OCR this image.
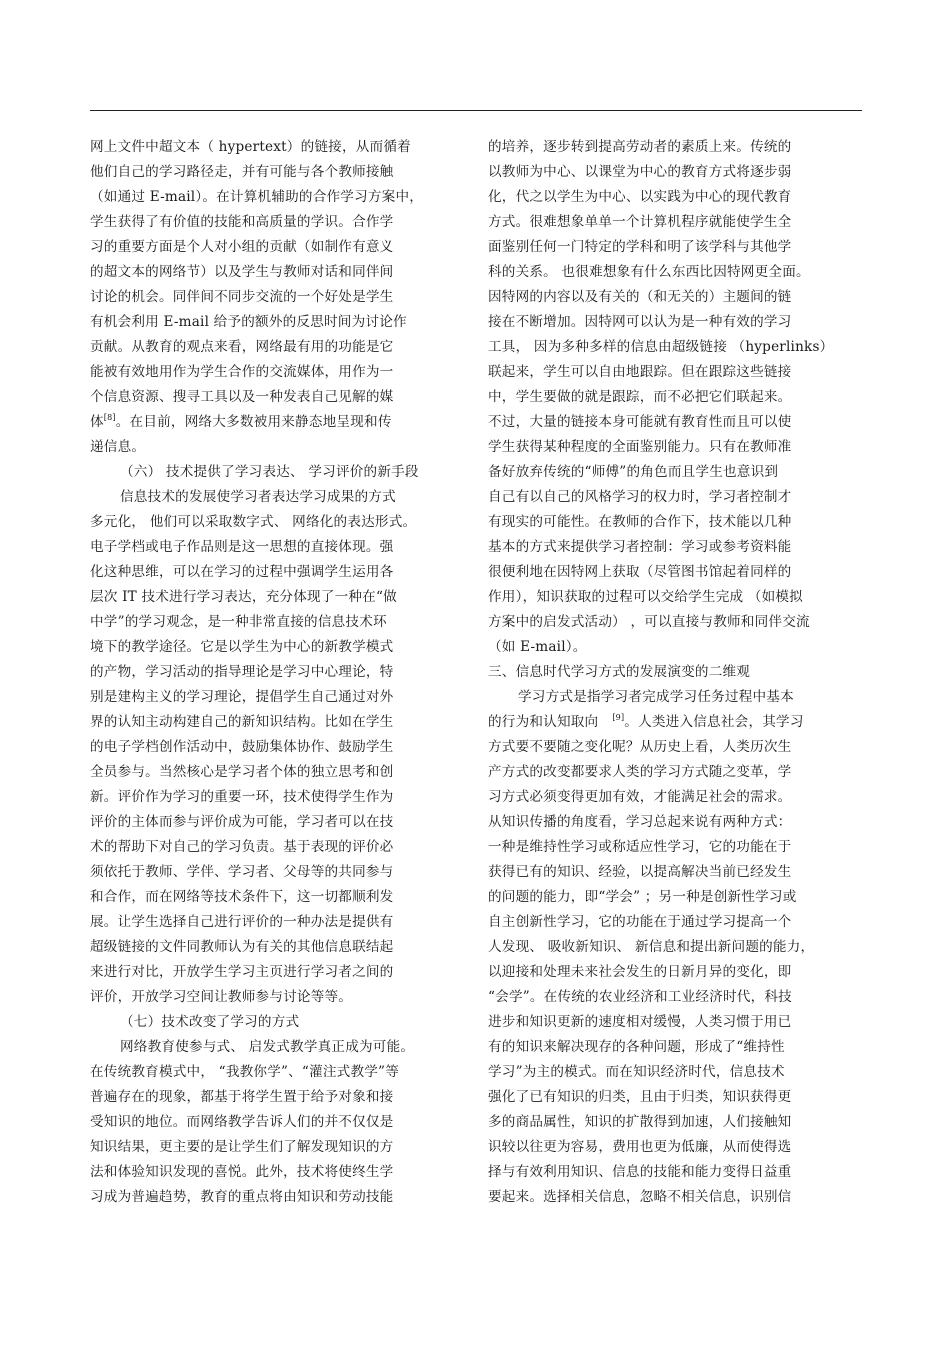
网上文件中超文本（ hypertext）的链接，从而循着
他们自己的学习路径走，并有可能与各个教师接触
（如通过 E-mail）。在计算机辅助的合作学习方案中，
学生获得了有价值的技能和高质量的学识。合作学
习的重要方面是个人对小组的贡献（如制作有意义
的超文本的网络节）以及学生与教师对话和同伴间
讨论的机会。同伴间不同步交流的一个好处是学生
有机会利用 E-mail 给予的额外的反思时间为讨论作
贡献。从教育的观点来看，网络最有用的功能是它
能被有效地用作为学生合作的交流媒体，用作为一
个信息资源、搜寻工具以及一种发表自己见解的媒
体[8]。在目前，网络大多数被用来静态地呈现和传
递信息。
（六） 技术提供了学习表达、 学习评价的新手段
信息技术的发展使学习者表达学习成果的方式
多元化， 他们可以采取数字式、 网络化的表达形式。
电子学档或电子作品则是这一思想的直接体现。强
化这种思维，可以在学习的过程中强调学生运用各
层次 IT 技术进行学习表达，充分体现了一种在“做
中学”的学习观念，是一种非常直接的信息技术环
境下的教学途径。它是以学生为中心的新教学模式
的产物，学习活动的指导理论是学习中心理论，特
别是建构主义的学习理论，提倡学生自己通过对外
界的认知主动构建自己的新知识结构。比如在学生
的电子学档创作活动中，鼓励集体协作、鼓励学生
全员参与。当然核心是学习者个体的独立思考和创
新。评价作为学习的重要一环，技术使得学生作为
评价的主体而参与评价成为可能，学习者可以在技
术的帮助下对自己的学习负责。基于表现的评价必
须依托于教师、学伴、学习者、父母等的共同参与
和合作，而在网络等技术条件下，这一切都顺利发
展。让学生选择自己进行评价的一种办法是提供有
超级链接的文件同教师认为有关的其他信息联结起
来进行对比，开放学生学习主页进行学习者之间的
评价，开放学习空间让教师参与讨论等等。
（七）技术改变了学习的方式
网络教育使参与式、 启发式教学真正成为可能。
在传统教育模式中， “我教你学”、“灌注式教学”等
普遍存在的现象，都基于将学生置于给予对象和接
受知识的地位。而网络教学告诉人们的并不仅仅是
知识结果，更主要的是让学生们了解发现知识的方
法和体验知识发现的喜悦。此外，技术将使终生学
习成为普遍趋势，教育的重点将由知识和劳动技能
的培养，逐步转到提高劳动者的素质上来。传统的
以教师为中心、以课堂为中心的教育方式将逐步弱
化，代之以学生为中心、以实践为中心的现代教育
方式。很难想象单单一个计算机程序就能使学生全
面鉴别任何一门特定的学科和明了该学科与其他学
科的关系。 也很难想象有什么东西比因特网更全面。
因特网的内容以及有关的（和无关的）主题间的链
接在不断增加。因特网可以认为是一种有效的学习
工具， 因为多种多样的信息由超级链接 （hyperlinks）
联起来，学生可以自由地跟踪。但在跟踪这些链接
中，学生要做的就是跟踪，而不必把它们联起来。
不过，大量的链接本身可能就有教育性而且可以使
学生获得某种程度的全面鉴别能力。只有在教师准
备好放弃传统的“师傅”的角色而且学生也意识到
自己有以自己的风格学习的权力时，学习者控制才
有现实的可能性。在教师的合作下，技术能以几种
基本的方式来提供学习者控制：学习或参考资料能
很便利地在因特网上获取（尽管图书馆起着同样的
作用），知识获取的过程可以交给学生完成 （如模拟
方案中的启发式活动） ，可以直接与教师和同伴交流
（如 E-mail）。
三、信息时代学习方式的发展演变的二维观
学习方式是指学习者完成学习任务过程中基本
的行为和认知取向 [9]。人类进入信息社会，其学习
方式要不要随之变化呢？从历史上看，人类历次生
产方式的改变都要求人类的学习方式随之变革，学
习方式必须变得更加有效，才能满足社会的需求。
从知识传播的角度看，学习总起来说有两种方式：
一种是维持性学习或称适应性学习，它的功能在于
获得已有的知识、经验，以提高解决当前已经发生
的问题的能力，即“学会” ；另一种是创新性学习或
自主创新性学习，它的功能在于通过学习提高一个
人发现、 吸收新知识、 新信息和提出新问题的能力，
以迎接和处理未来社会发生的日新月异的变化，即
“会学”。在传统的农业经济和工业经济时代，科技
进步和知识更新的速度相对缓慢，人类习惯于用已
有的知识来解决现存的各种问题，形成了“维持性
学习”为主的模式。而在知识经济时代，信息技术
强化了已有知识的归类，且由于归类，知识获得更
多的商品属性，知识的扩散得到加速，人们接触知
识较以往更为容易，费用也更为低廉，从而使得选
择与有效利用知识、信息的技能和能力变得日益重
要起来。选择相关信息，忽略不相关信息，识别信
